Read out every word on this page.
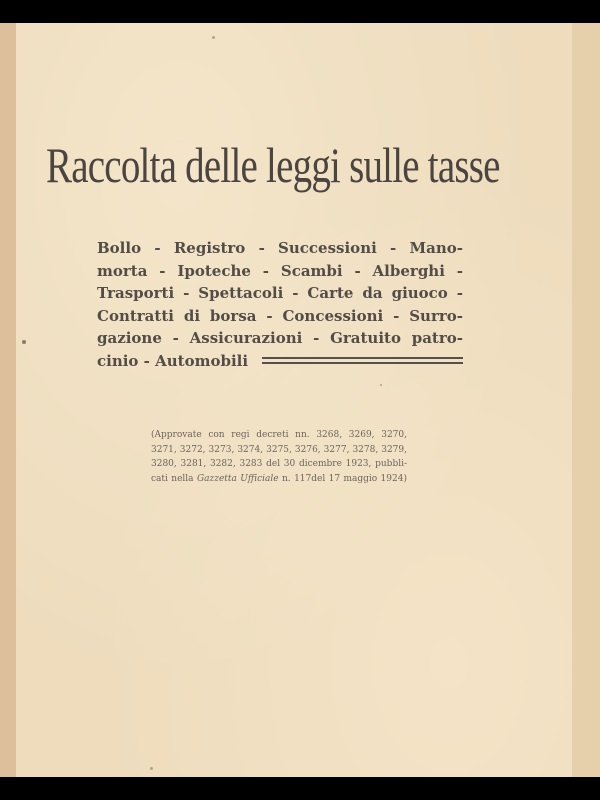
Raccolta delle leggi sulle tasse
Bollo - Registro - Successioni - Mano-
morta - Ipoteche - Scambi - Alberghi -
Trasporti - Spettacoli - Carte da giuoco -
Contratti di borsa - Concessioni - Surro-
gazione - Assicurazioni - Gratuito patro-
cinio - Automobili
(Approvate con regi decreti nn. 3268, 3269, 3270,
3271, 3272, 3273, 3274, 3275, 3276, 3277, 3278, 3279,
3280, 3281, 3282, 3283 del 30 dicembre 1923, pubbli-
cati nella Gazzetta Ufficiale n. 117del 17 maggio 1924)
